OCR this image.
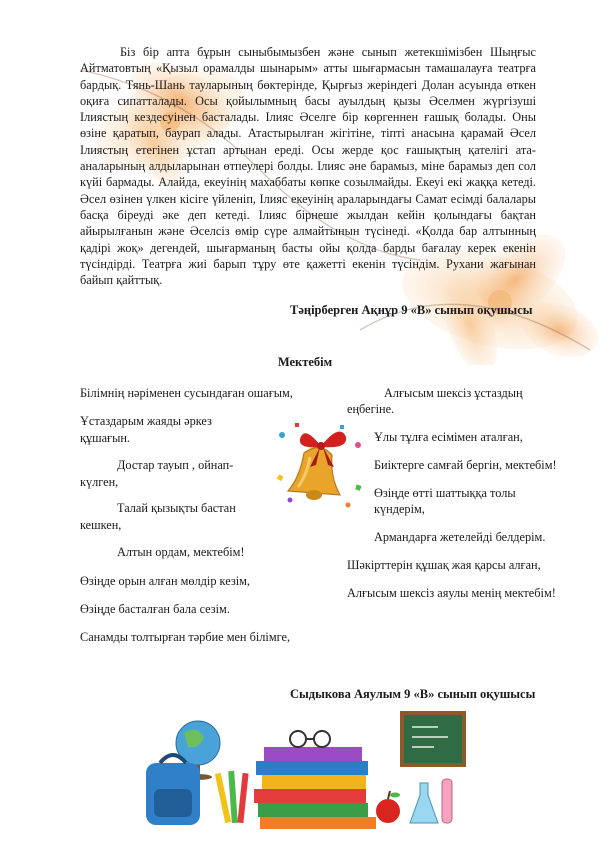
Біз бір апта бұрын сыныбымызбен және сынып жетекшімізбен Шыңғыс Айтматовтың «Қызыл орамалды шынарым» атты шығармасын тамашалауға театрға бардық. Тянь-Шань тауларының бөктерінде, Қырғыз жеріндегі Долан асуында өткен оқиға сипатталады. Осы қойылымның басы ауылдың қызы Әселмен жүргізуші Ілиястың кездесуінен басталады. Ілияс Әселге бір көргеннен ғашық болады. Оны өзіне қаратып, баурап алады. Атастырылған жігітіне, тіпті анасына қарамай Әсел Ілиястың етегінен ұстап артынан ереді. Осы жерде қос ғашықтың қателігі ата-аналарының алдыларынан өтпеулері болды. Ілияс әне барамыз, міне барамыз деп сол күйі бармады. Алайда, екеуінің махаббаты көпке созылмайды. Екеуі екі жаққа кетеді. Әсел өзінен үлкен кісіге үйленіп, Ілияс екеуінің араларындағы Самат есімді балалары басқа біреуді әке деп кетеді. Ілияс бірнеше жылдан кейін қолындағы бақтан айырылғанын және Әселсіз өмір сүре алмайтынын түсінеді. «Қолда бар алтынның қадірі жоқ» дегендей, шығарманың басты ойы қолда барды бағалау керек екенін түсіндірді. Театрға жиі барып тұру өте қажетті екенін түсіндім. Рухани жағынан байып қайттық.

Тәңірберген Ақнұр 9 «В» сынып оқушысы
Мектебім
Білімнің нәріменен сусындаған ошағым,
Ұстаздарым жаяды әркез
құшағын.
Достар тауып , ойнап-
күлген,
Талай қызықты бастан
кешкен,
Алтын ордам, мектебім!
Өзіңде орын алған мөлдір кезім,
Өзіңде басталған бала сезім.
Санамды толтырған тәрбие мен білімге,
Алғысым шексіз ұстаздың
еңбегіне.
Ұлы тұлға есімімен аталған,
Биіктерге самғай бергін, мектебім!
Өзіңде өтті шаттыққа толы
күндерім,
Армандарға жетелейді белдерім.
Шәкірттерін құшақ жая қарсы алған,
Алғысым шексіз аяулы менің мектебім!
Сыдыкова Аяулым 9 «В» сынып оқушысы
